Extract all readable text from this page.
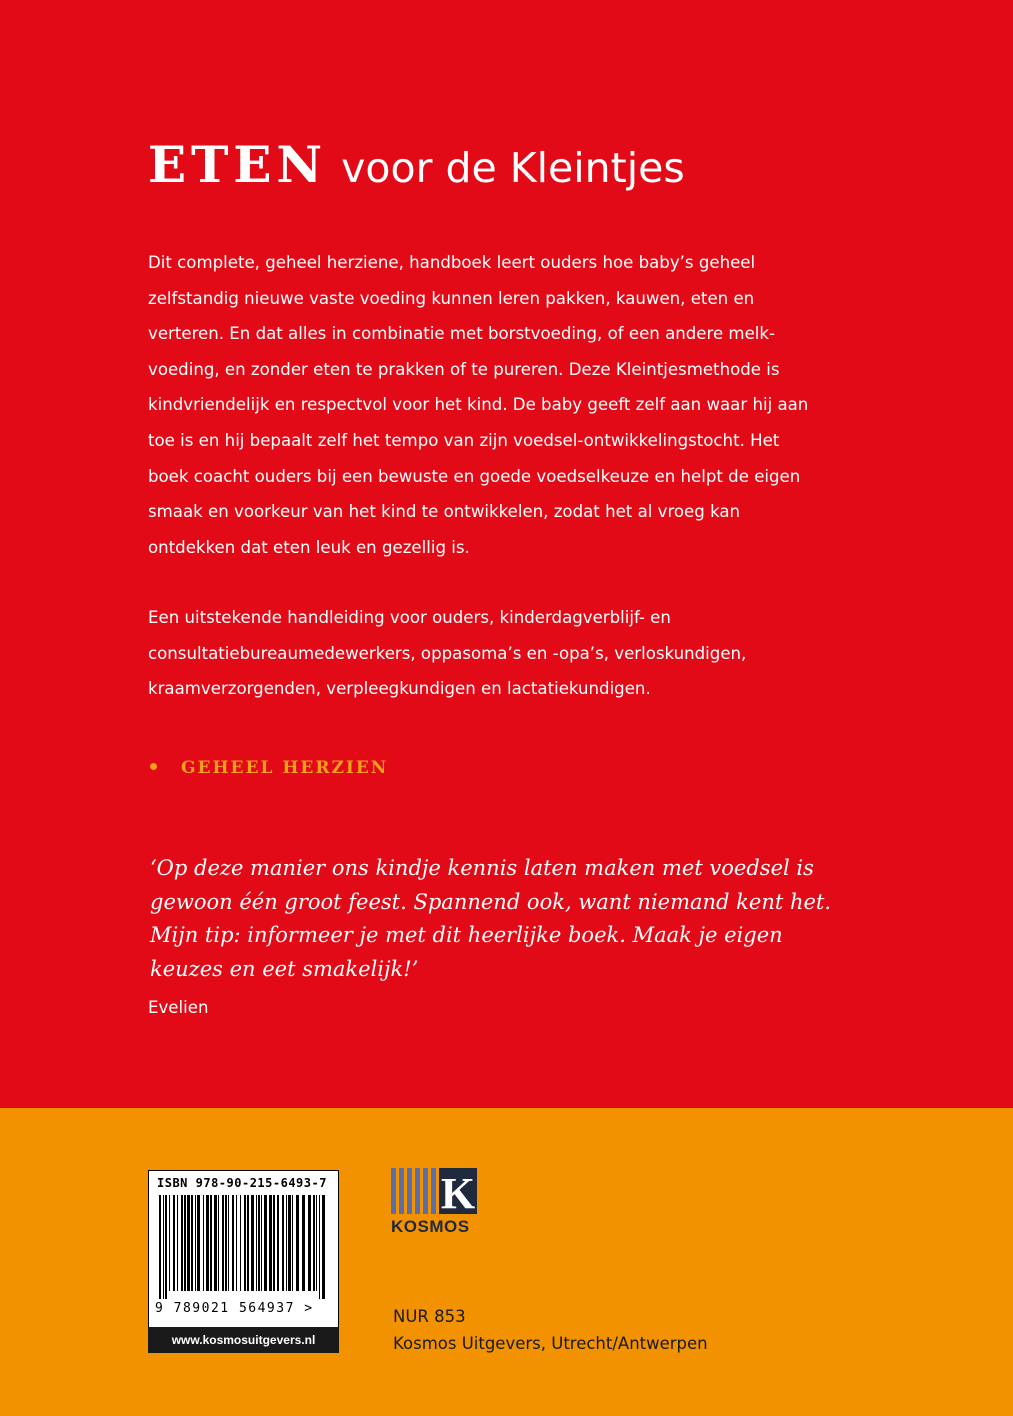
ETEN voor de Kleintjes

Dit complete, geheel herziene, handboek leert ouders hoe baby’s geheel zelfstandig nieuwe vaste voeding kunnen leren pakken, kauwen, eten en verteren. En dat alles in combinatie met borstvoeding, of een andere melk-voeding, en zonder eten te prakken of te pureren. Deze Kleintjesmethode is kindvriendelijk en respectvol voor het kind. De baby geeft zelf aan waar hij aan toe is en hij bepaalt zelf het tempo van zijn voedsel-ontwikkelingstocht. Het boek coacht ouders bij een bewuste en goede voedselkeuze en helpt de eigen smaak en voorkeur van het kind te ontwikkelen, zodat het al vroeg kan ontdekken dat eten leuk en gezellig is.

Een uitstekende handleiding voor ouders, kinderdagverblijf- en consultatiebureaumedewerkers, oppasoma’s en -opa’s, verloskundigen, kraamverzorgenden, verpleegkundigen en lactatiekundigen.

GEHEEL HERZIEN

‘Op deze manier ons kindje kennis laten maken met voedsel is gewoon één groot feest. Spannend ook, want niemand kent het. Mijn tip: informeer je met dit heerlijke boek. Maak je eigen keuzes en eet smakelijk!’

Evelien
ISBN 978-90-215-6493-7
9 789021 564937 >
www.kosmosuitgevers.nl
K
KOSMOS
NUR 853
Kosmos Uitgevers, Utrecht/Antwerpen
